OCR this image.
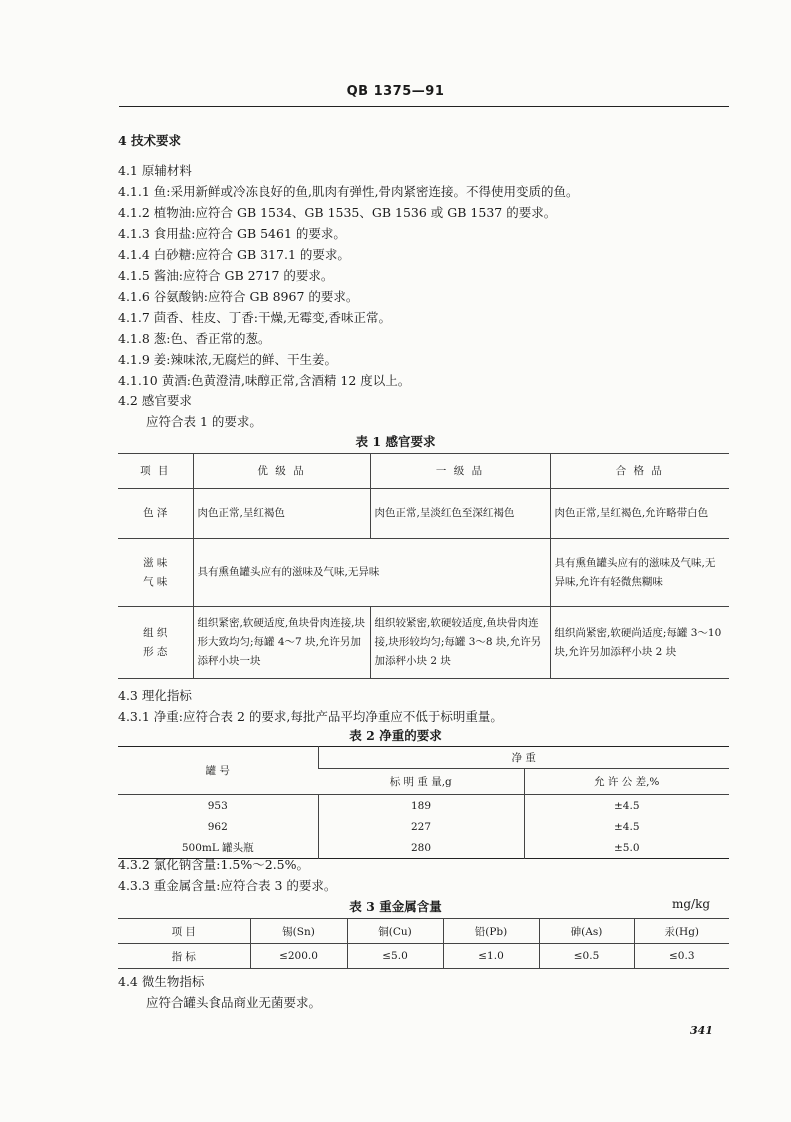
QB 1375—91
4 技术要求
4.1 原辅材料
4.1.1 鱼:采用新鲜或冷冻良好的鱼,肌肉有弹性,骨肉紧密连接。不得使用变质的鱼。
4.1.2 植物油:应符合 GB 1534、GB 1535、GB 1536 或 GB 1537 的要求。
4.1.3 食用盐:应符合 GB 5461 的要求。
4.1.4 白砂糖:应符合 GB 317.1 的要求。
4.1.5 酱油:应符合 GB 2717 的要求。
4.1.6 谷氨酸钠:应符合 GB 8967 的要求。
4.1.7 茴香、桂皮、丁香:干燥,无霉变,香味正常。
4.1.8 葱:色、香正常的葱。
4.1.9 姜:辣味浓,无腐烂的鲜、干生姜。
4.1.10 黄酒:色黄澄清,味醇正常,含酒精 12 度以上。
4.2 感官要求
应符合表 1 的要求。
表 1 感官要求
项 目	优 级 品	一 级 品	合 格 品
色 泽	肉色正常,呈红褐色	肉色正常,呈淡红色至深红褐色	肉色正常,呈红褐色,允许略带白色
滋 味
气 味	具有熏鱼罐头应有的滋味及气味,无异味		具有熏鱼罐头应有的滋味及气味,无异味,允许有轻微焦糊味
组 织
形 态	组织紧密,软硬适度,鱼块骨肉连接,块形大致均匀;每罐 4～7 块,允许另加添秤小块一块	组织较紧密,软硬较适度,鱼块骨肉连接,块形较均匀;每罐 3～8 块,允许另加添秤小块 2 块	组织尚紧密,软硬尚适度;每罐 3～10 块,允许另加添秤小块 2 块
4.3 理化指标
4.3.1 净重:应符合表 2 的要求,每批产品平均净重应不低于标明重量。
表 2 净重的要求
罐 号	净 重	
	标 明 重 量,g	允 许 公 差,%
953	189	±4.5
962	227	±4.5
500mL 罐头瓶	280	±5.0
4.3.2 氯化钠含量:1.5%～2.5%。
4.3.3 重金属含量:应符合表 3 的要求。
表 3 重金属含量	mg/kg
项 目	锡(Sn)	铜(Cu)	铅(Pb)	砷(As)	汞(Hg)
指 标	≤200.0	≤5.0	≤1.0	≤0.5	≤0.3
4.4 微生物指标
应符合罐头食品商业无菌要求。
341
